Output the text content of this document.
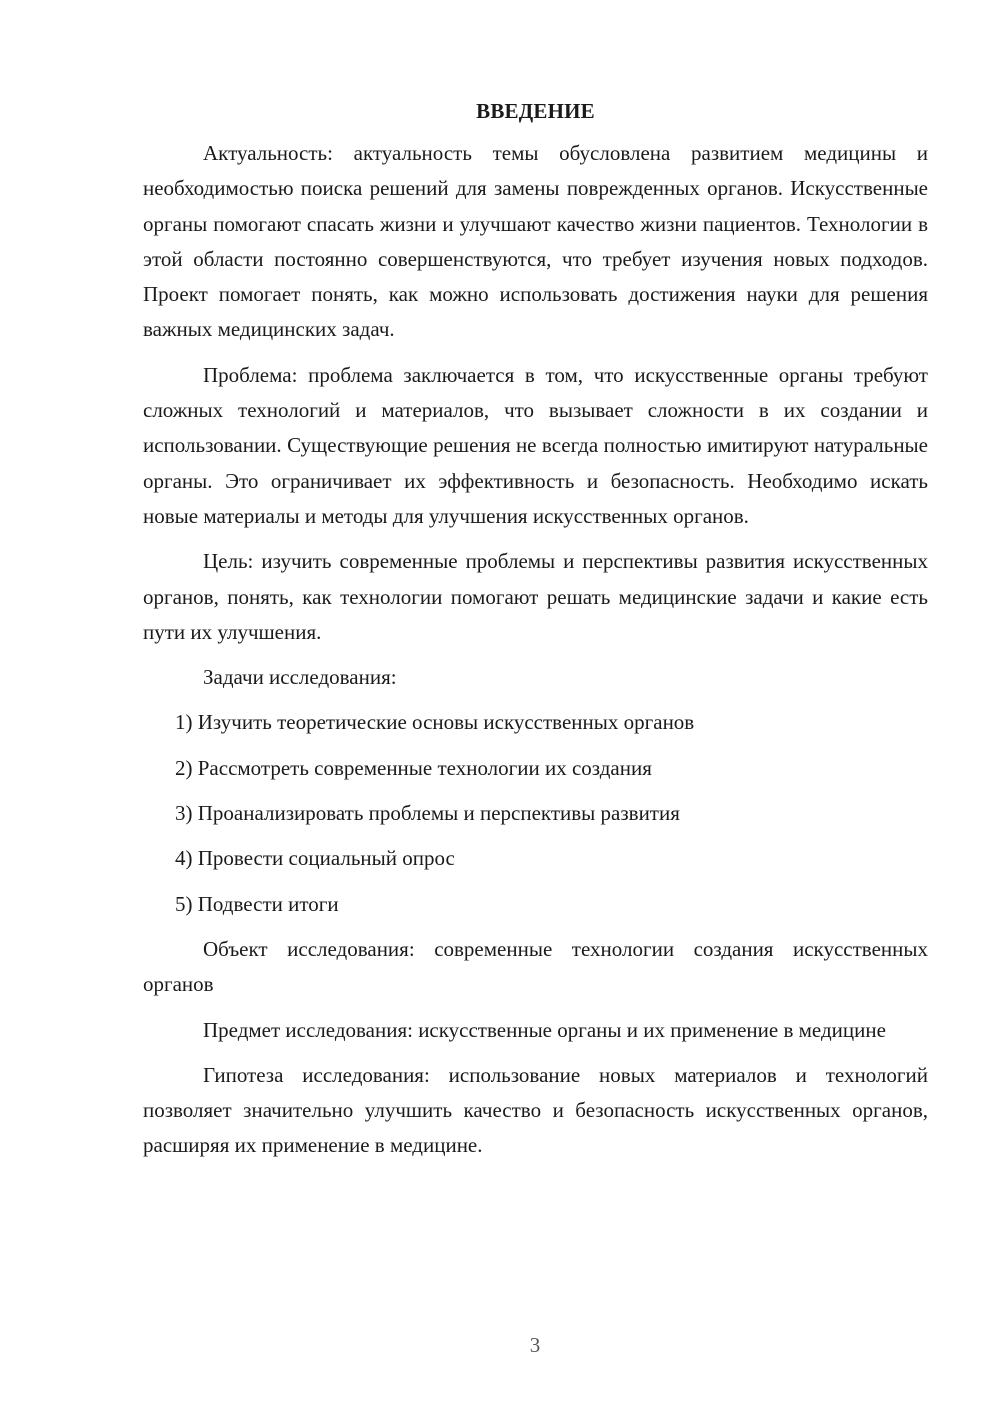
ВВЕДЕНИЕ

Актуальность: актуальность темы обусловлена развитием медицины и необходимостью поиска решений для замены поврежденных органов. Искусственные органы помогают спасать жизни и улучшают качество жизни пациентов. Технологии в этой области постоянно совершенствуются, что требует изучения новых подходов. Проект помогает понять, как можно использовать достижения науки для решения важных медицинских задач.

Проблема: проблема заключается в том, что искусственные органы требуют сложных технологий и материалов, что вызывает сложности в их создании и использовании. Существующие решения не всегда полностью имитируют натуральные органы. Это ограничивает их эффективность и безопасность. Необходимо искать новые материалы и методы для улучшения искусственных органов.

Цель: изучить современные проблемы и перспективы развития искусственных органов, понять, как технологии помогают решать медицинские задачи и какие есть пути их улучшения.

Задачи исследования:

1) Изучить теоретические основы искусственных органов
2) Рассмотреть современные технологии их создания
3) Проанализировать проблемы и перспективы развития
4) Провести социальный опрос
5) Подвести итоги

Объект исследования: современные технологии создания искусственных органов

Предмет исследования: искусственные органы и их применение в медицине

Гипотеза исследования: использование новых материалов и технологий позволяет значительно улучшить качество и безопасность искусственных органов, расширяя их применение в медицине.

3
